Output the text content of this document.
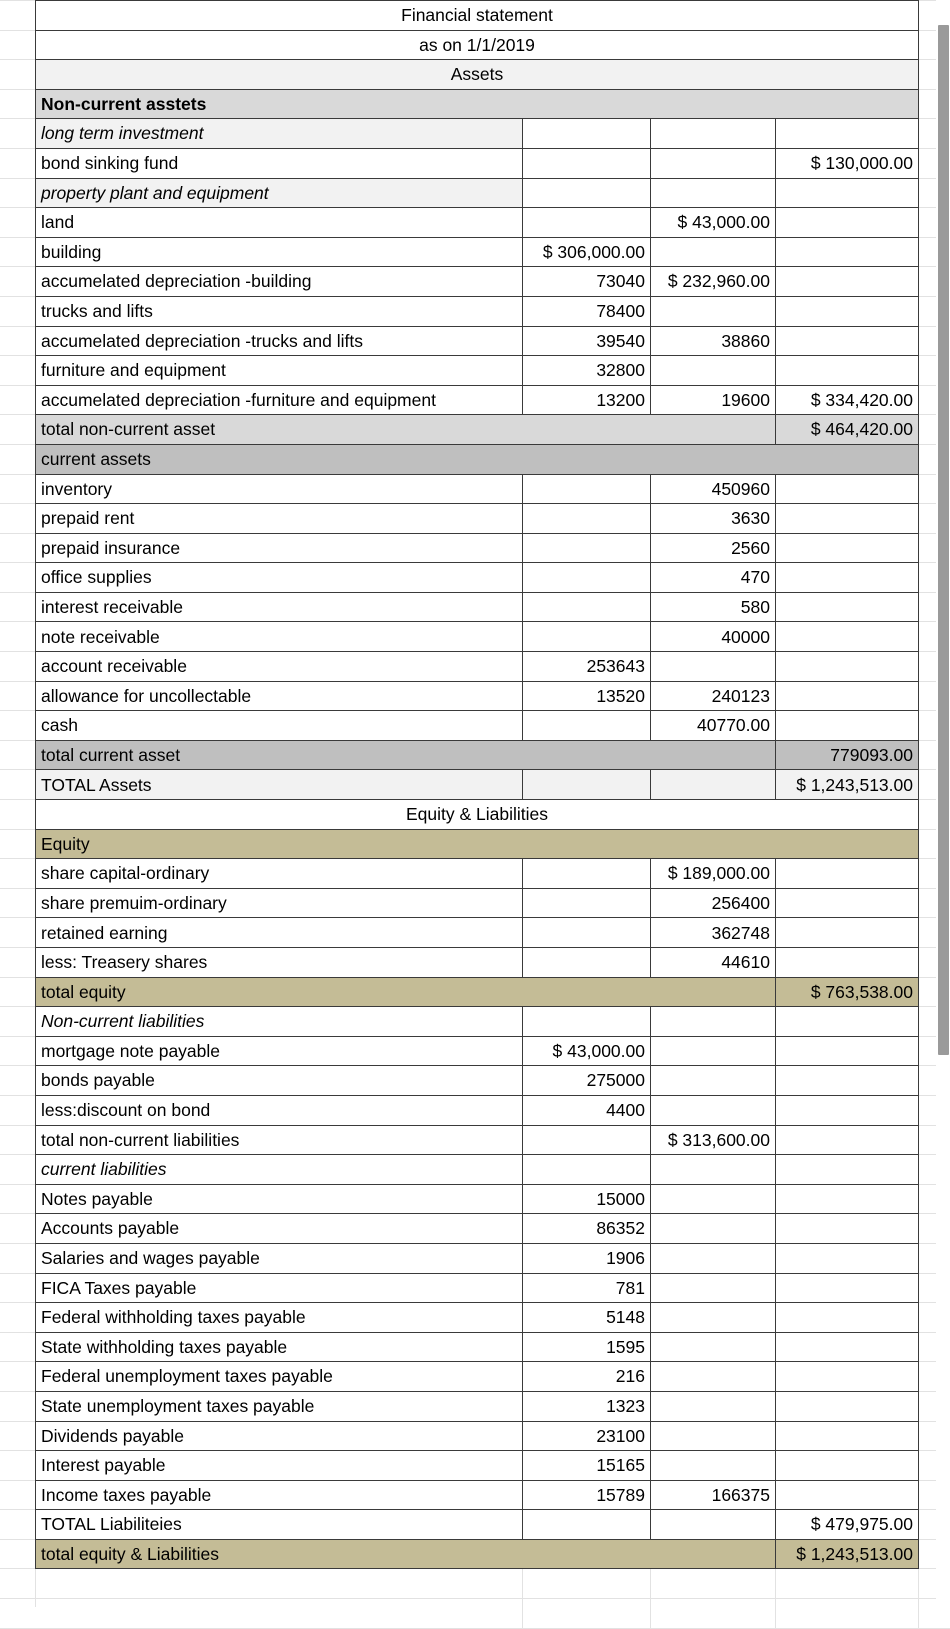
Financial statement			
as on 1/1/2019			
Assets			
Non-current asstets			
long term investment			
bond sinking fund			$ 130,000.00
property plant and equipment			
land		$ 43,000.00	
building	$ 306,000.00		
accumelated depreciation -building	73040	$ 232,960.00	
trucks and lifts	78400		
accumelated depreciation -trucks and lifts	39540	38860	
furniture and equipment	32800		
accumelated depreciation -furniture and equipment	13200	19600	$ 334,420.00
total non-current asset			$ 464,420.00
current assets			
inventory		450960	
prepaid rent		3630	
prepaid insurance		2560	
office supplies		470	
interest receivable		580	
note receivable		40000	
account receivable	253643		
allowance for uncollectable	13520	240123	
cash		40770.00	
total current asset			779093.00
TOTAL Assets			$ 1,243,513.00
Equity & Liabilities			
Equity			
share capital-ordinary		$ 189,000.00	
share premuim-ordinary		256400	
retained earning		362748	
less: Treasery shares		44610	
total equity			$ 763,538.00
Non-current liabilities			
mortgage note payable	$ 43,000.00		
bonds payable	275000		
less:discount on bond	4400		
total non-current liabilities		$ 313,600.00	
current liabilities			
Notes payable	15000		
Accounts payable	86352		
Salaries and wages payable	1906		
FICA Taxes payable	781		
Federal withholding taxes payable	5148		
State withholding taxes payable	1595		
Federal unemployment taxes payable	216		
State unemployment taxes payable	1323		
Dividends payable	23100		
Interest payable	15165		
Income taxes payable	15789	166375	
TOTAL Liabiliteies			$ 479,975.00
total equity & Liabilities			$ 1,243,513.00
